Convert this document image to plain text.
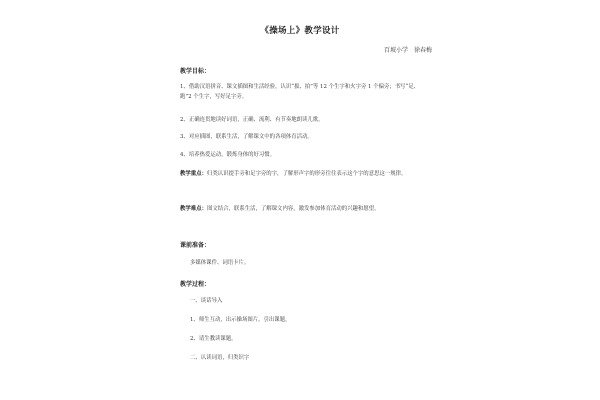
《操场上》教学设计
百坡小学　徐春梅
教学目标：
1、借助汉语拼音、课文插图和生活经验，认识“拔、拍”等 12 个生字和火字旁 1 个偏旁；书写“足、跑”2 个生字，写好足字旁。
2、正确连贯地读好词语，正确、流利、有节奏地朗读儿歌。
3、对应插图，联系生活，了解课文中的各项体育活动。
4、培养热爱运动，锻炼身体的好习惯。
教学重点：归类认识提手旁和足字旁的字，了解形声字的形旁往往表示这个字的意思这一规律。
教学难点：图文结合，联系生活，了解课文内容，激发参加体育活动的兴趣和愿望。
课前准备：
多媒体课件、词语卡片。
教学过程：
一、谈话导入
1、师生互动，出示操场图片，引出课题。
2、请生教读课题。
二、认读词语，归类识字
